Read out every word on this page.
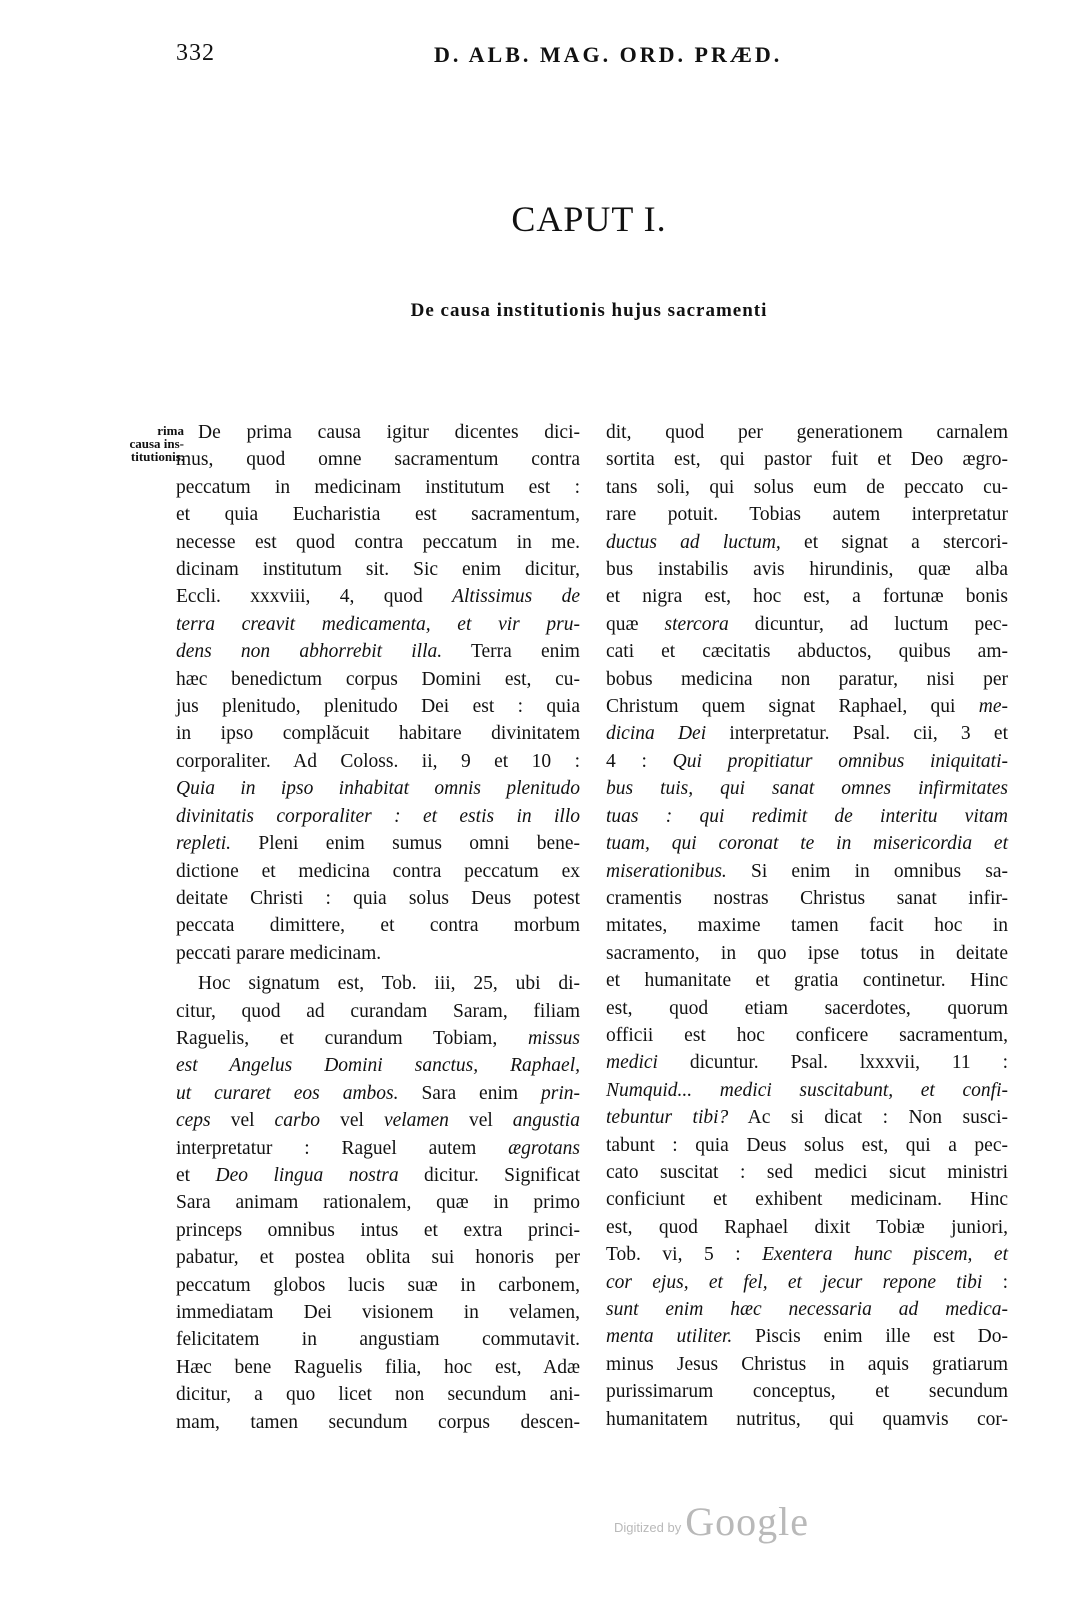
332	D. ALB. MAG. ORD. PRÆD.
CAPUT I.
De causa institutionis hujus sacramenti
rima
causa ins-
titutionis.
De prima causa igitur dicentes dici-
mus, quod omne sacramentum contra
peccatum in medicinam institutum est :
et quia Eucharistia est sacramentum,
necesse est quod contra peccatum in me.
dicinam institutum sit. Sic enim dicitur,
Eccli. xxxviii, 4, quod Altissimus de
terra creavit medicamenta, et vir pru-
dens non abhorrebit illa. Terra enim
hæc benedictum corpus Domini est, cu-
jus plenitudo, plenitudo Dei est : quia
in ipso complăcuit habitare divinitatem
corporaliter. Ad Coloss. ii, 9 et 10 :
Quia in ipso inhabitat omnis plenitudo
divinitatis corporaliter : et estis in illo
repleti. Pleni enim sumus omni bene-
dictione et medicina contra peccatum ex
deitate Christi : quia solus Deus potest
peccata dimittere, et contra morbum
peccati parare medicinam.
Hoc signatum est, Tob. iii, 25, ubi di-
citur, quod ad curandam Saram, filiam
Raguelis, et curandum Tobiam, missus
est Angelus Domini sanctus, Raphael,
ut curaret eos ambos. Sara enim prin-
ceps vel carbo vel velamen vel angustia
interpretatur : Raguel autem ægrotans
et Deo lingua nostra dicitur. Significat
Sara animam rationalem, quæ in primo
princeps omnibus intus et extra princi-
pabatur, et postea oblita sui honoris per
peccatum globos lucis suæ in carbonem,
immediatam Dei visionem in velamen,
felicitatem in angustiam commutavit.
Hæc bene Raguelis filia, hoc est, Adæ
dicitur, a quo licet non secundum ani-
mam, tamen secundum corpus descen-
dit, quod per generationem carnalem
sortita est, qui pastor fuit et Deo ægro-
tans soli, qui solus eum de peccato cu-
rare potuit. Tobias autem interpretatur
ductus ad luctum, et signat a stercori-
bus instabilis avis hirundinis, quæ alba
et nigra est, hoc est, a fortunæ bonis
quæ stercora dicuntur, ad luctum pec-
cati et cæcitatis abductos, quibus am-
bobus medicina non paratur, nisi per
Christum quem signat Raphael, qui me-
dicina Dei interpretatur. Psal. cii, 3 et
4 : Qui propitiatur omnibus iniquitati-
bus tuis, qui sanat omnes infirmitates
tuas : qui redimit de interitu vitam
tuam, qui coronat te in misericordia et
miserationibus. Si enim in omnibus sa-
cramentis nostras Christus sanat infir-
mitates, maxime tamen facit hoc in
sacramento, in quo ipse totus in deitate
et humanitate et gratia continetur. Hinc
est, quod etiam sacerdotes, quorum
officii est hoc conficere sacramentum,
medici dicuntur. Psal. lxxxvii, 11 :
Numquid... medici suscitabunt, et confi-
tebuntur tibi? Ac si dicat : Non susci-
tabunt : quia Deus solus est, qui a pec-
cato suscitat : sed medici sicut ministri
conficiunt et exhibent medicinam. Hinc
est, quod Raphael dixit Tobiæ juniori,
Tob. vi, 5 : Exentera hunc piscem, et
cor ejus, et fel, et jecur repone tibi :
sunt enim hæc necessaria ad medica-
menta utiliter. Piscis enim ille est Do-
minus Jesus Christus in aquis gratiarum
purissimarum conceptus, et secundum
humanitatem nutritus, qui quamvis cor-
Digitized by Google
